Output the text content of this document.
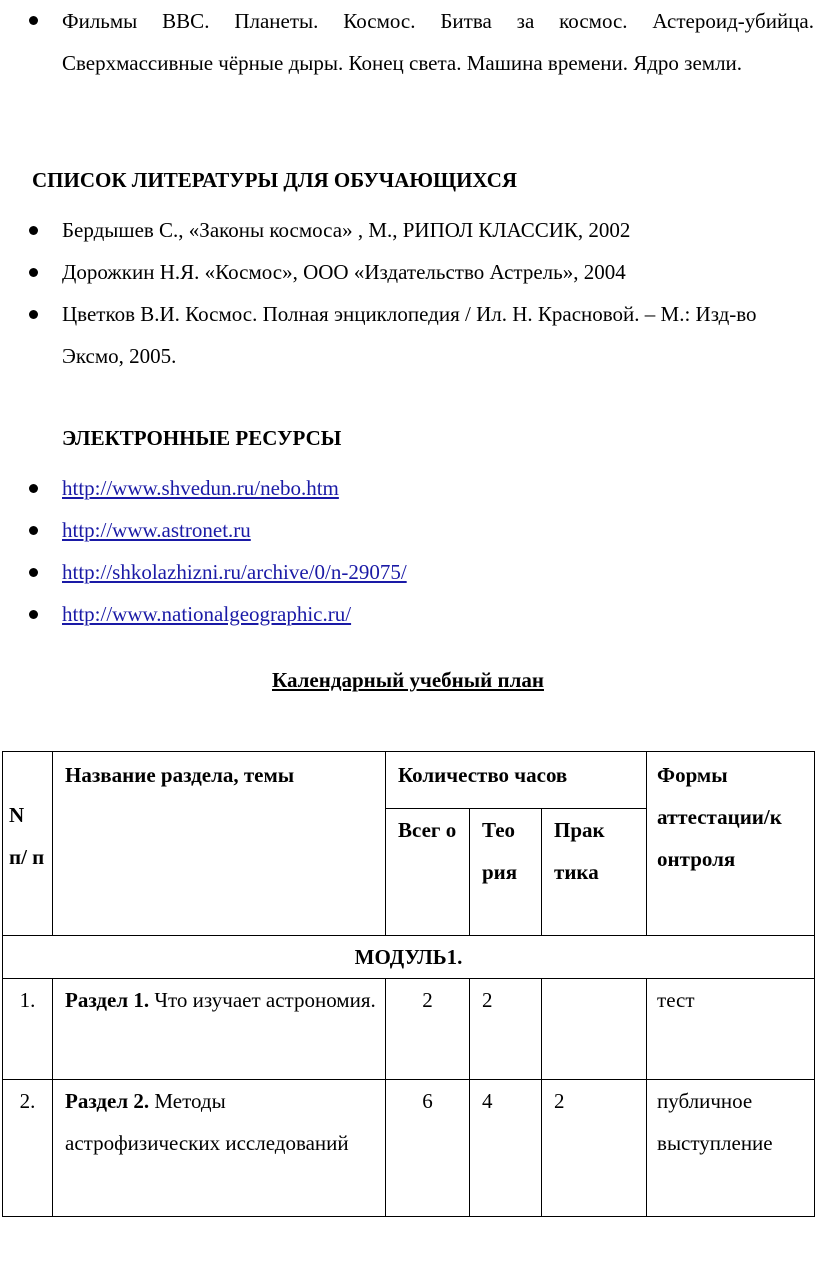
Фильмы ВВС. Планеты. Космос. Битва за космос. Астероид-убийца. Сверхмассивные чёрные дыры. Конец света. Машина времени. Ядро земли.
СПИСОК ЛИТЕРАТУРЫ ДЛЯ ОБУЧАЮЩИХСЯ
Бердышев С., «Законы космоса» , М., РИПОЛ КЛАССИК, 2002
Дорожкин Н.Я. «Космос», ООО «Издательство Астрель», 2004
Цветков В.И. Космос. Полная энциклопедия / Ил. Н. Красновой. – М.: Изд-во Эксмо, 2005.
ЭЛЕКТРОННЫЕ РЕСУРСЫ
http://www.shvedun.ru/nebo.htm
http://www.astronet.ru
http://shkolazhizni.ru/archive/0/n-29075/
http://www.nationalgeographic.ru/
Календарный учебный план
N п/ п	Название раздела, темы	Количество часов			Формы аттестации/к онтроля
		Всег о	Тео рия	Прак тика	
МОДУЛЬ1.					
1.	Раздел 1. Что изучает астрономия.	2	2		тест
2.	Раздел 2. Методы астрофизических исследований	6	4	2	публичное выступление
